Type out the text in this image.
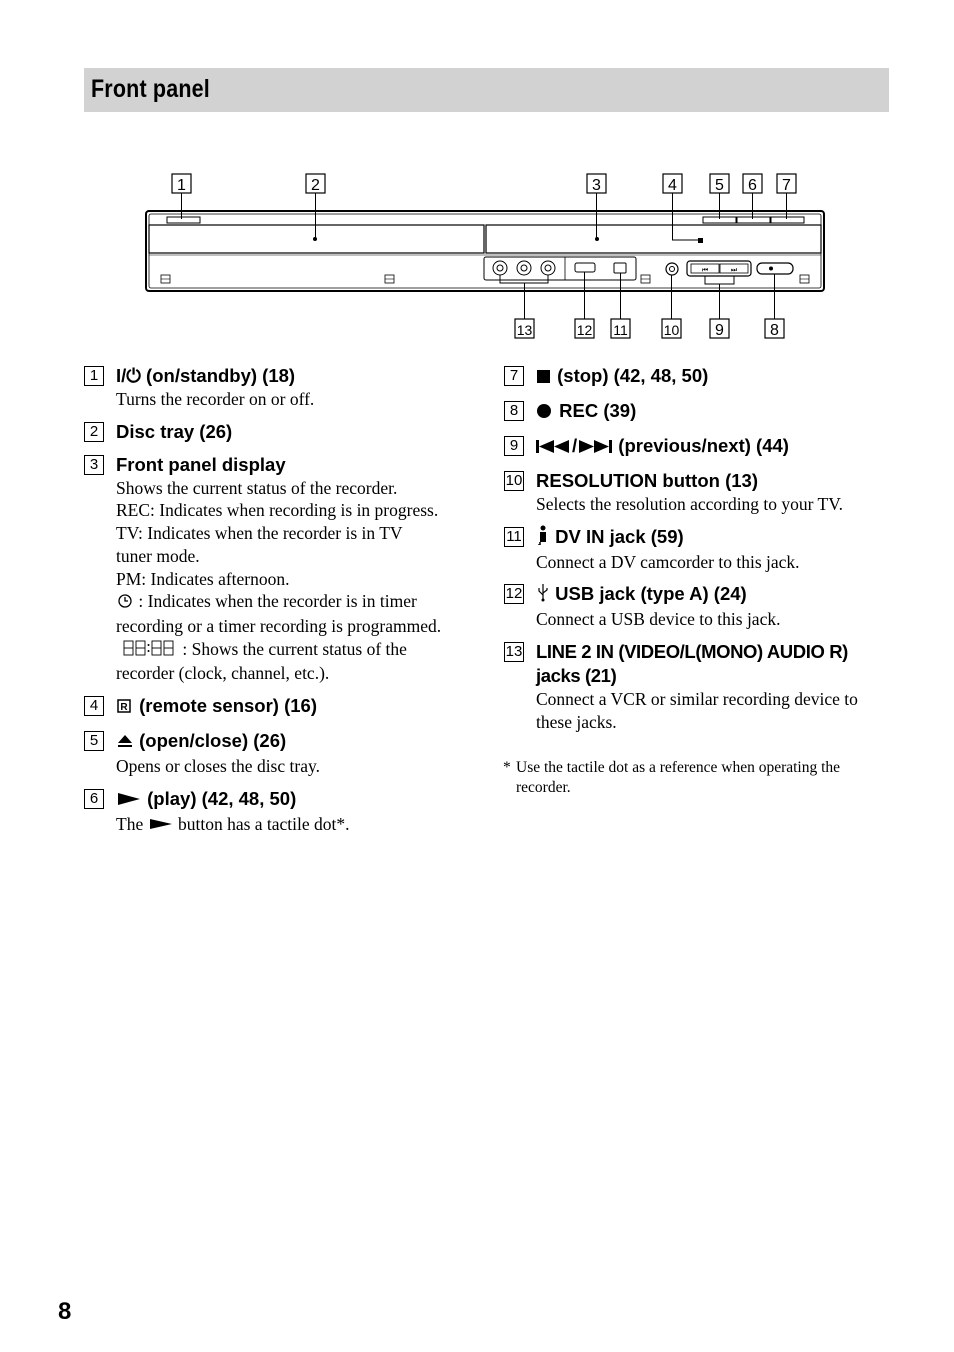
Front panel
1	2	3	4 5 6 7
13	12 11	10 9	8
⏮	⏭
1 I/⏻ (on/standby) (18)
Turns the recorder on or off.
2 Disc tray (26)
3 Front panel display
Shows the current status of the recorder.
REC: Indicates when recording is in progress.
TV: Indicates when the recorder is in TV
tuner mode.
PM: Indicates afternoon.
: Indicates when the recorder is in timer
recording or a timer recording is programmed.
: Shows the current status of the
recorder (clock, channel, etc.).
4	R (remote sensor) (16)
5	(open/close) (26)
Opens or closes the disc tray.
6	(play) (42, 48, 50)
The button has a tactile dot*.
7	(stop) (42, 48, 50)
8	REC (39)
9	/ (previous/next) (44)
10 RESOLUTION button (13)
Selects the resolution according to your TV.
11	DV IN jack (59)
Connect a DV camcorder to this jack.
12	USB jack (type A) (24)
Connect a USB device to this jack.
13 LINE 2 IN (VIDEO/L(MONO) AUDIO R)
jacks (21)
Connect a VCR or similar recording device to
these jacks.
* Use the tactile dot as a reference when operating the
recorder.
8
